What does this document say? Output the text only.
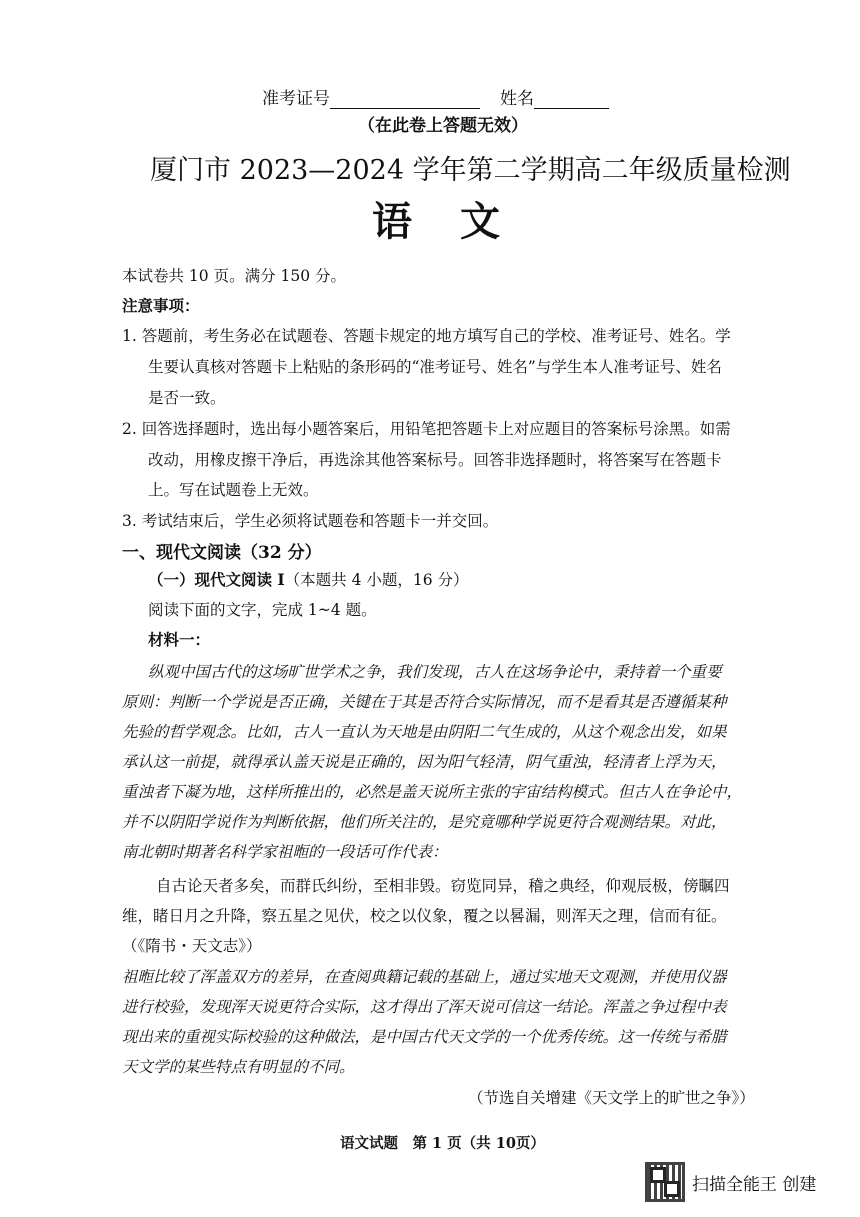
准考证号	姓名
（在此卷上答题无效）
厦门市 2023—2024 学年第二学期高二年级质量检测
语　文
本试卷共 10 页。满分 150 分。
注意事项：
1. 答题前，考生务必在试题卷、答题卡规定的地方填写自己的学校、准考证号、姓名。学
生要认真核对答题卡上粘贴的条形码的“准考证号、姓名”与学生本人准考证号、姓名
是否一致。
2. 回答选择题时，选出每小题答案后，用铅笔把答题卡上对应题目的答案标号涂黑。如需
改动，用橡皮擦干净后，再选涂其他答案标号。回答非选择题时，将答案写在答题卡
上。写在试题卷上无效。
3. 考试结束后，学生必须将试题卷和答题卡一并交回。
一、现代文阅读（32 分）
（一）现代文阅读 I（本题共 4 小题，16 分）
阅读下面的文字，完成 1~4 题。
材料一：
纵观中国古代的这场旷世学术之争，我们发现，古人在这场争论中，秉持着一个重要
原则：判断一个学说是否正确，关键在于其是否符合实际情况，而不是看其是否遵循某种
先验的哲学观念。比如，古人一直认为天地是由阴阳二气生成的，从这个观念出发，如果
承认这一前提，就得承认盖天说是正确的，因为阳气轻清，阴气重浊，轻清者上浮为天，
重浊者下凝为地，这样所推出的，必然是盖天说所主张的宇宙结构模式。但古人在争论中，
并不以阴阳学说作为判断依据，他们所关注的，是究竟哪种学说更符合观测结果。对此，
南北朝时期著名科学家祖暅的一段话可作代表：
自古论天者多矣，而群氏纠纷，至相非毁。窃览同异，稽之典经，仰观辰极，傍瞩四
维，睹日月之升降，察五星之见伏，校之以仪象，覆之以晷漏，则浑天之理，信而有征。
（《隋书・天文志》）
祖暅比较了浑盖双方的差异，在查阅典籍记载的基础上，通过实地天文观测，并使用仪器
进行校验，发现浑天说更符合实际，这才得出了浑天说可信这一结论。浑盖之争过程中表
现出来的重视实际校验的这种做法，是中国古代天文学的一个优秀传统。这一传统与希腊
天文学的某些特点有明显的不同。
（节选自关增建《天文学上的旷世之争》）
语文试题　第 1 页（共 10页）
扫描全能王 创建
